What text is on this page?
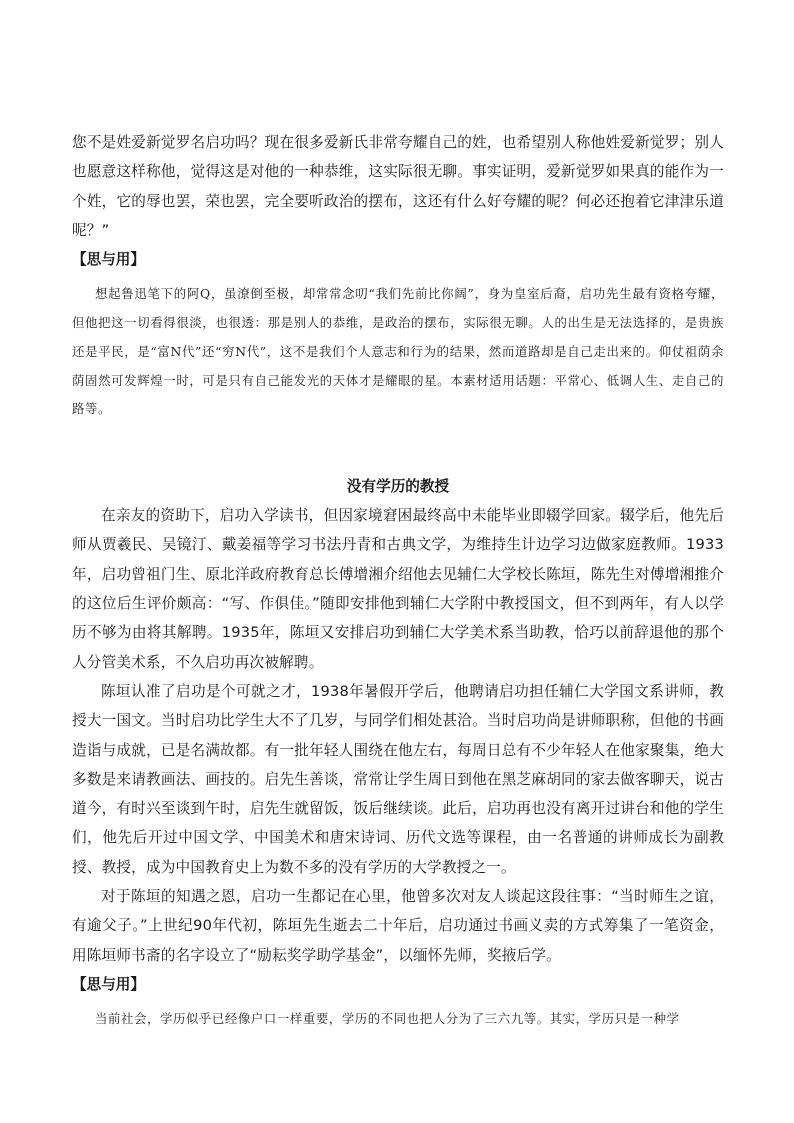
您不是姓爱新觉罗名启功吗？现在很多爱新氏非常夸耀自己的姓，也希望别人称他姓爱新觉罗；别人也愿意这样称他，觉得这是对他的一种恭维，这实际很无聊。事实证明，爱新觉罗如果真的能作为一个姓，它的辱也罢，荣也罢，完全要听政治的摆布，这还有什么好夸耀的呢？何必还抱着它津津乐道呢？”

【思与用】

想起鲁迅笔下的阿Q，虽潦倒至极，却常常念叨“我们先前比你阔”，身为皇室后裔，启功先生最有资格夸耀，但他把这一切看得很淡，也很透：那是别人的恭维，是政治的摆布，实际很无聊。人的出生是无法选择的，是贵族还是平民，是“富N代”还“穷N代”，这不是我们个人意志和行为的结果，然而道路却是自己走出来的。仰仗祖荫余荫固然可发辉煌一时，可是只有自己能发光的天体才是耀眼的星。本素材适用话题：平常心、低调人生、走自己的路等。

没有学历的教授

在亲友的资助下，启功入学读书，但因家境窘困最终高中未能毕业即辍学回家。辍学后，他先后师从贾羲民、吴镜汀、戴姜福等学习书法丹青和古典文学，为维持生计边学习边做家庭教师。1933年，启功曾祖门生、原北洋政府教育总长傅增湘介绍他去见辅仁大学校长陈垣，陈先生对傅增湘推介的这位后生评价颇高：“写、作俱佳。”随即安排他到辅仁大学附中教授国文，但不到两年，有人以学历不够为由将其解聘。1935年，陈垣又安排启功到辅仁大学美术系当助教，恰巧以前辞退他的那个人分管美术系，不久启功再次被解聘。

陈垣认准了启功是个可就之才，1938年暑假开学后，他聘请启功担任辅仁大学国文系讲师，教授大一国文。当时启功比学生大不了几岁，与同学们相处甚洽。当时启功尚是讲师职称，但他的书画造诣与成就，已是名满故都。有一批年轻人围绕在他左右，每周日总有不少年轻人在他家聚集，绝大多数是来请教画法、画技的。启先生善谈，常常让学生周日到他在黑芝麻胡同的家去做客聊天，说古道今，有时兴至谈到午时，启先生就留饭，饭后继续谈。此后，启功再也没有离开过讲台和他的学生们，他先后开过中国文学、中国美术和唐宋诗词、历代文选等课程，由一名普通的讲师成长为副教授、教授，成为中国教育史上为数不多的没有学历的大学教授之一。

对于陈垣的知遇之恩，启功一生都记在心里，他曾多次对友人谈起这段往事：“当时师生之谊，有逾父子。”上世纪90年代初，陈垣先生逝去二十年后，启功通过书画义卖的方式筹集了一笔资金，用陈垣师书斋的名字设立了“励耘奖学助学基金”，以缅怀先师，奖掖后学。

【思与用】

当前社会，学历似乎已经像户口一样重要，学历的不同也把人分为了三六九等。其实，学历只是一种学
